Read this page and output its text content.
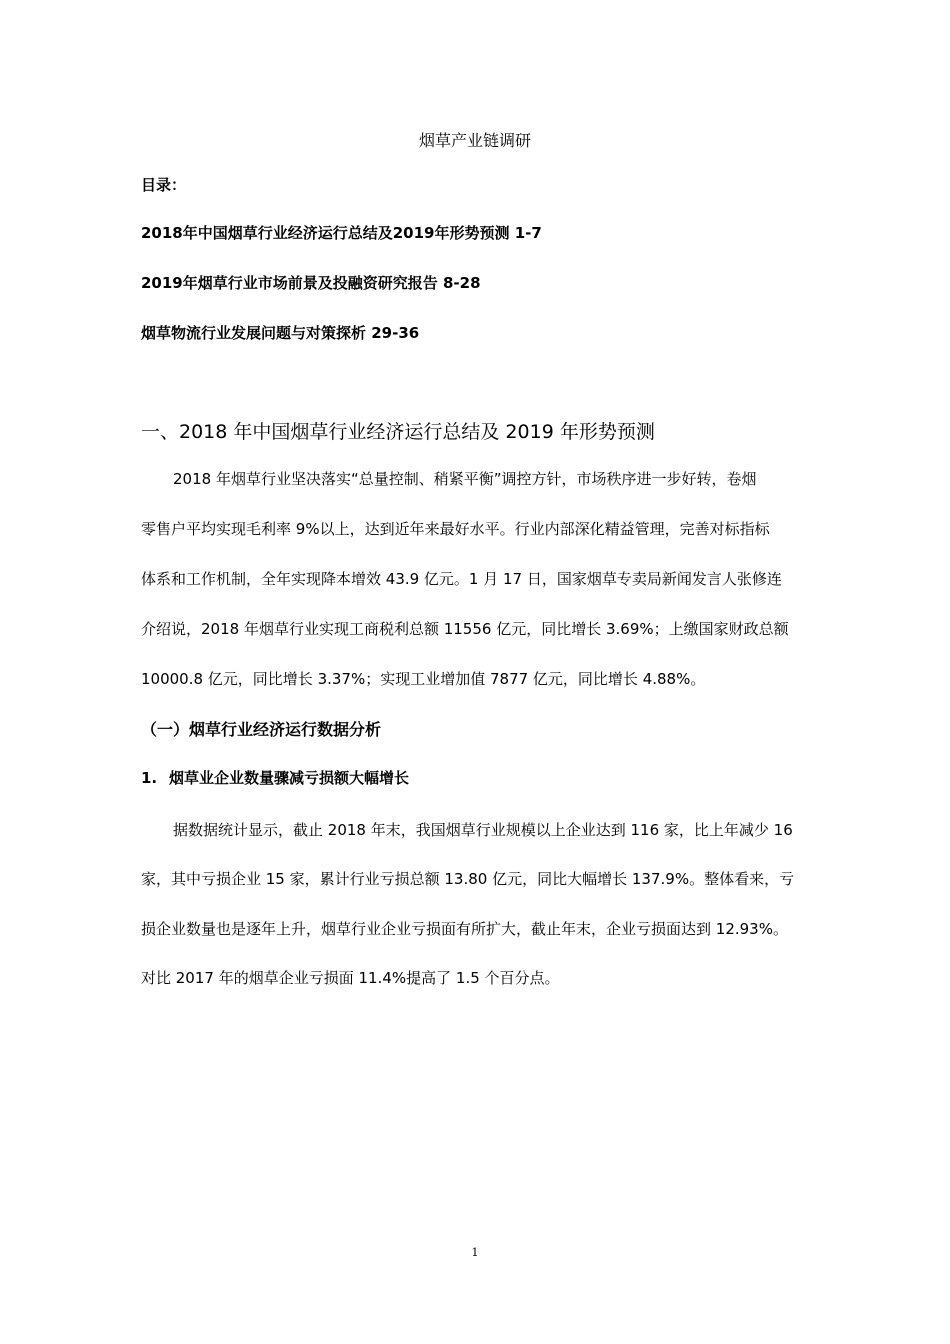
烟草产业链调研

目录：

2018年中国烟草行业经济运行总结及2019年形势预测 1-7

2019年烟草行业市场前景及投融资研究报告 8-28

烟草物流行业发展问题与对策探析 29-36

一、2018 年中国烟草行业经济运行总结及 2019 年形势预测

2018 年烟草行业坚决落实“总量控制、稍紧平衡”调控方针，市场秩序进一步好转，卷烟

零售户平均实现毛利率 9%以上，达到近年来最好水平。行业内部深化精益管理，完善对标指标

体系和工作机制，全年实现降本增效 43.9 亿元。1 月 17 日，国家烟草专卖局新闻发言人张修连

介绍说，2018 年烟草行业实现工商税利总额 11556 亿元，同比增长 3.69%；上缴国家财政总额

10000.8 亿元，同比增长 3.37%；实现工业增加值 7877 亿元，同比增长 4.88%。

（一）烟草行业经济运行数据分析
1. 烟草业企业数量骤减亏损额大幅增长

据数据统计显示，截止 2018 年末，我国烟草行业规模以上企业达到 116 家，比上年减少 16

家，其中亏损企业 15 家，累计行业亏损总额 13.80 亿元，同比大幅增长 137.9%。整体看来，亏

损企业数量也是逐年上升，烟草行业企业亏损面有所扩大，截止年末，企业亏损面达到 12.93%。

对比 2017 年的烟草企业亏损面 11.4%提高了 1.5 个百分点。

1
